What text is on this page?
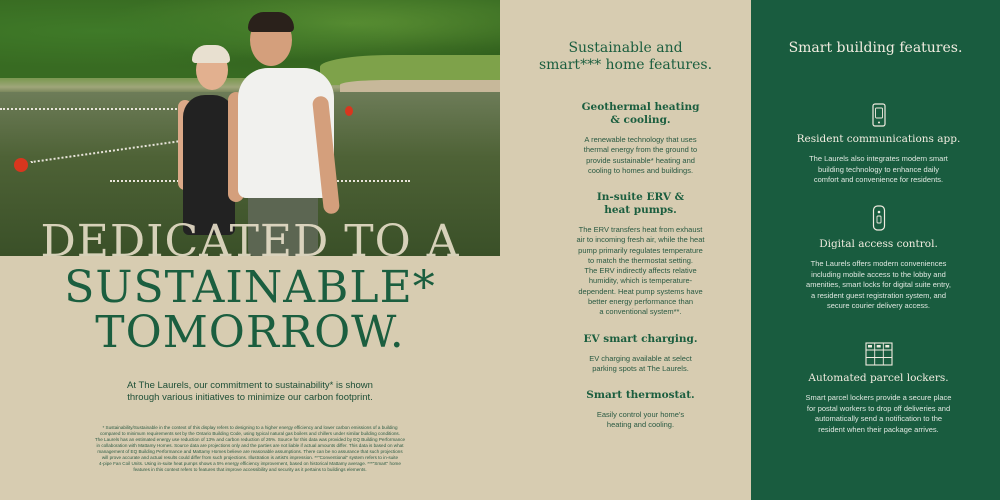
DEDICATED TO A
SUSTAINABLE*
TOMORROW.
At The Laurels, our commitment to sustainability* is shown
through various initiatives to minimize our carbon footprint.
* Sustainability/Sustainable in the context of this display refers to designing to a higher energy efficiency and lower carbon emissions of a building
compared to minimum requirements set by the Ontario Building Code, using typical natural gas boilers and chillers under similar building conditions.
The Laurels has an estimated energy use reduction of 13% and carbon reduction of 26%. Source for this data was provided by EQ Building Performance
in collaboration with Mattamy Homes. Source data are projections only and the parties are not liable if actual amounts differ. This data is based on what
management of EQ Building Performance and Mattamy Homes believe are reasonable assumptions. There can be no assurance that such projections
will prove accurate and actual results could differ from such projections. Illustration is artist's impression. **"Conventional" system refers to in-suite
4-pipe Fan Coil Units. Using in-suite heat pumps shows a 5% energy efficiency improvement, based on historical Mattamy average. ***"Smart" home
features in this context refers to features that improve accessibility and security as it pertains to buildings elements.
Sustainable and
smart*** home features.
Geothermal heating
& cooling.
A renewable technology that uses
thermal energy from the ground to
provide sustainable* heating and
cooling to homes and buildings.
In-suite ERV &
heat pumps.
The ERV transfers heat from exhaust
air to incoming fresh air, while the heat
pump primarily regulates temperature
to match the thermostat setting.
The ERV indirectly affects relative
humidity, which is temperature-
dependent. Heat pump systems have
better energy performance than
a conventional system**.
EV smart charging.
EV charging available at select
parking spots at The Laurels.
Smart thermostat.
Easily control your home's
heating and cooling.
Smart building features.
Resident communications app.
The Laurels also integrates modern smart
building technology to enhance daily
comfort and convenience for residents.
Digital access control.
The Laurels offers modern conveniences
including mobile access to the lobby and
amenities, smart locks for digital suite entry,
a resident guest registration system, and
secure courier delivery access.
Automated parcel lockers.
Smart parcel lockers provide a secure place
for postal workers to drop off deliveries and
automatically send a notification to the
resident when their package arrives.
